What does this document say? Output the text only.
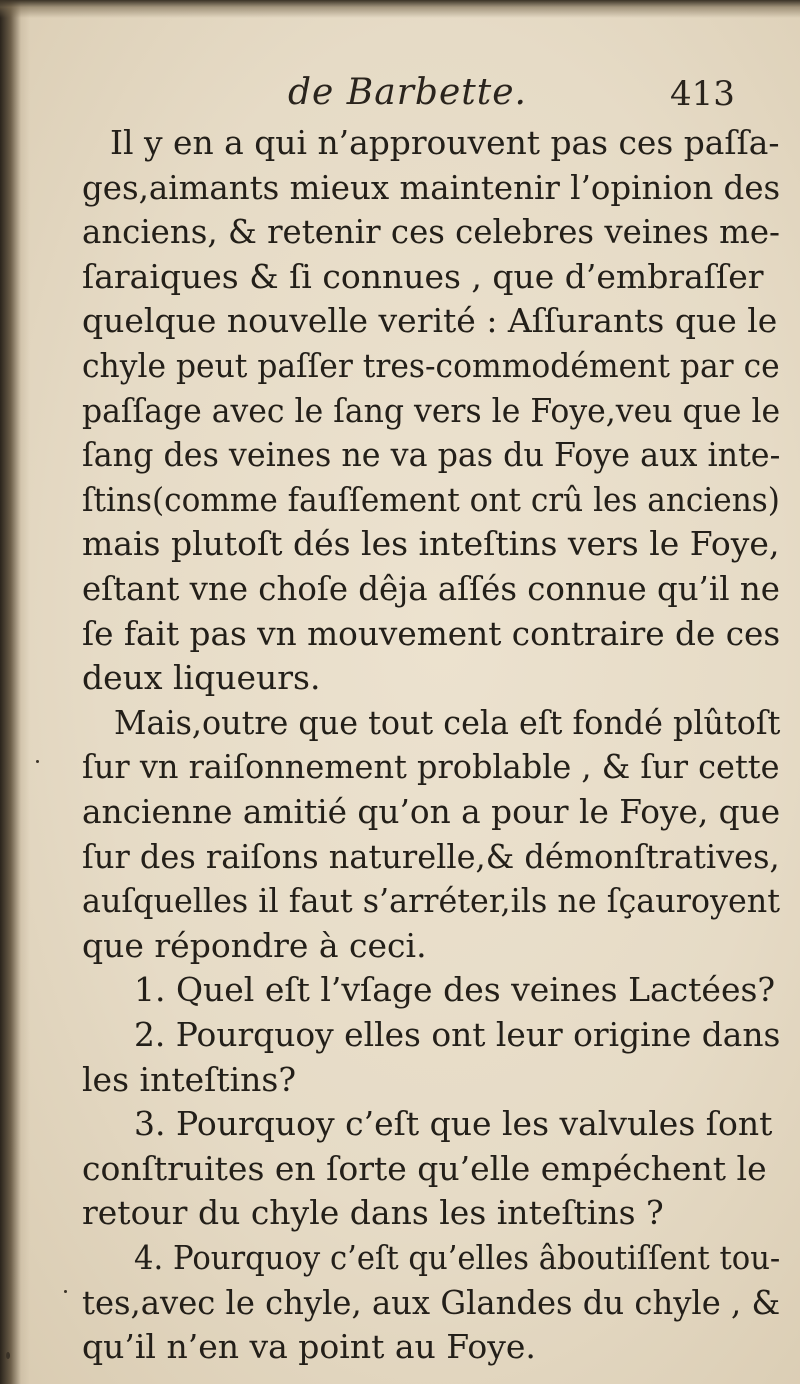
de Barbette.	413
Il y en a qui n’approuvent pas ces paſſa-
ges,aimants mieux maintenir l’opinion des
anciens, & retenir ces celebres veines me-
ſaraiques & ſi connues , que d’embraſſer
quelque nouvelle verité : Aſſurants que le
chyle peut paſſer tres-commodément par ce
paſſage avec le ſang vers le Foye,veu que le
ſang des veines ne va pas du Foye aux inte-
ſtins(comme fauſſement ont crû les anciens)
mais plutoſt dés les inteſtins vers le Foye,
eſtant vne choſe dêja aſſés connue qu’il ne
ſe fait pas vn mouvement contraire de ces
deux liqueurs.
Mais,outre que tout cela eſt fondé plûtoſt
ſur vn raiſonnement problable , & ſur cette
ancienne amitié qu’on a pour le Foye, que
ſur des raiſons naturelle,& démonſtratives,
auſquelles il faut s’arréter,ils ne ſçauroyent
que répondre à ceci.
1. Quel eſt l’vſage des veines Lactées?
2. Pourquoy elles ont leur origine dans
les inteſtins?
3. Pourquoy c’eſt que les valvules ſont
conſtruites en ſorte qu’elle empéchent le
retour du chyle dans les inteſtins ?
4. Pourquoy c’eſt qu’elles âboutiſſent tou-
tes,avec le chyle, aux Glandes du chyle , &
qu’il n’en va point au Foye.
